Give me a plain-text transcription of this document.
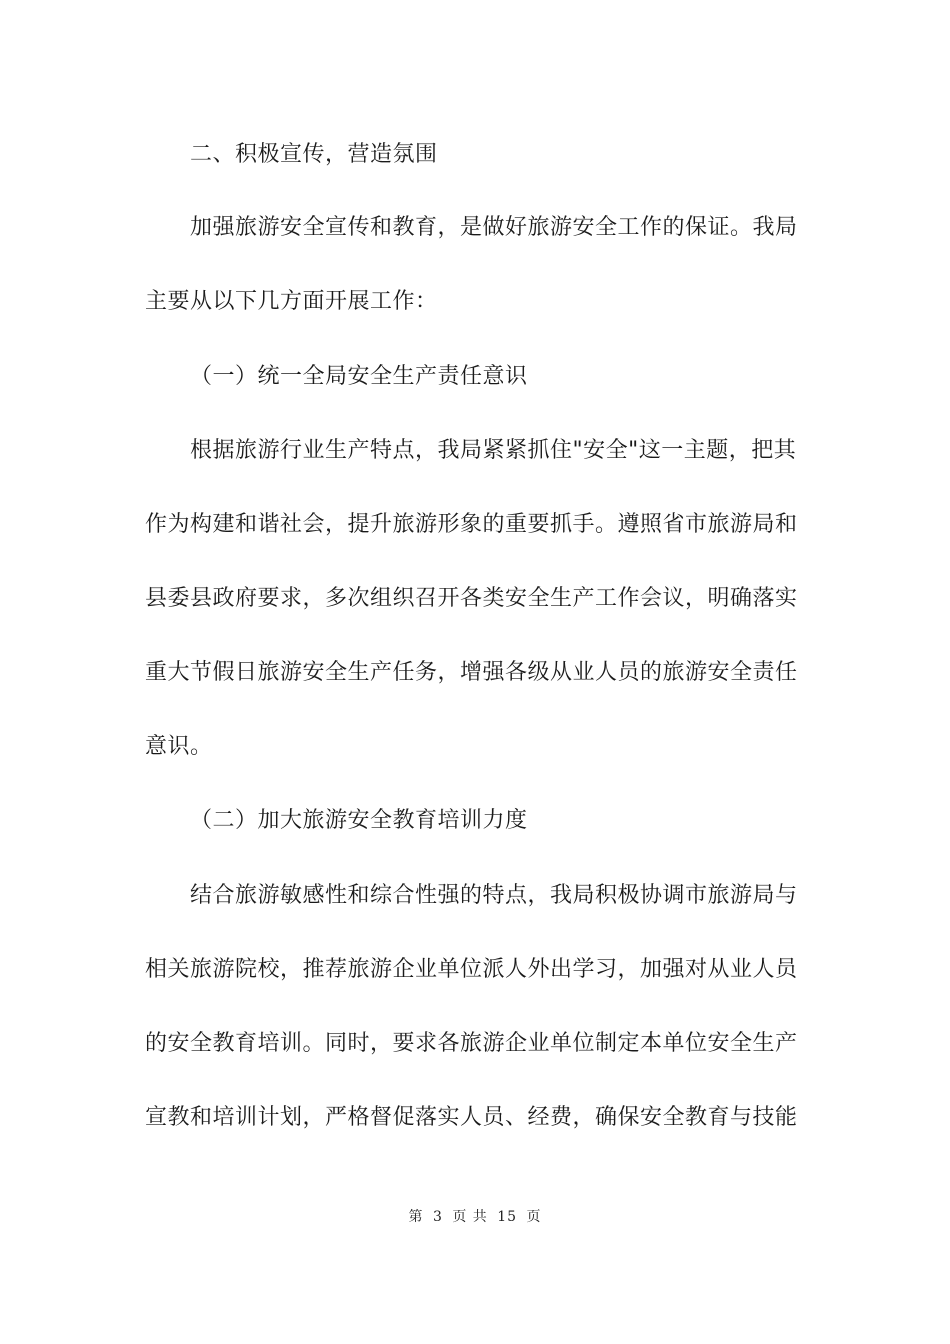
二、积极宣传，营造氛围
加强旅游安全宣传和教育，是做好旅游安全工作的保证。我局
主要从以下几方面开展工作：
（一）统一全局安全生产责任意识
根据旅游行业生产特点，我局紧紧抓住"安全"这一主题，把其
作为构建和谐社会，提升旅游形象的重要抓手。遵照省市旅游局和
县委县政府要求，多次组织召开各类安全生产工作会议，明确落实
重大节假日旅游安全生产任务，增强各级从业人员的旅游安全责任
意识。
（二）加大旅游安全教育培训力度
结合旅游敏感性和综合性强的特点，我局积极协调市旅游局与
相关旅游院校，推荐旅游企业单位派人外出学习，加强对从业人员
的安全教育培训。同时，要求各旅游企业单位制定本单位安全生产
宣教和培训计划，严格督促落实人员、经费，确保安全教育与技能
第 3 页 共 15 页
